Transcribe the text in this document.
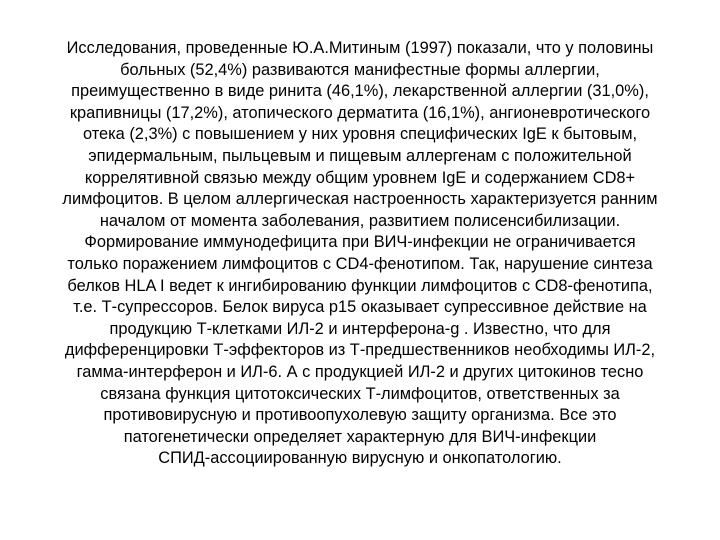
Исследования, проведенные Ю.А.Митиным (1997) показали, что у половины
больных (52,4%) развиваются манифестные формы аллергии,
преимущественно в виде ринита (46,1%), лекарственной аллергии (31,0%),
крапивницы (17,2%), атопического дерматита (16,1%), ангионевротического
отека (2,3%) с повышением у них уровня специфических IgE к бытовым,
эпидермальным, пыльцевым и пищевым аллергенам с положительной
коррелятивной связью между общим уровнем IgE и содержанием CD8+
лимфоцитов. В целом аллергическая настроенность характеризуется ранним
началом от момента заболевания, развитием полисенсибилизации.
Формирование иммунодефицита при ВИЧ-инфекции не ограничивается
только поражением лимфоцитов с CD4-фенотипом. Так, нарушение синтеза
белков HLA I ведет к ингибированию функции лимфоцитов с CD8-фенотипа,
т.е. Т-супрессоров. Белок вируса p15 оказывает супрессивное действие на
продукцию Т-клетками ИЛ-2 и интерферона-g . Известно, что для
дифференцировки Т-эффекторов из Т-предшественников необходимы ИЛ-2,
гамма-интерферон и ИЛ-6. А с продукцией ИЛ-2 и других цитокинов тесно
связана функция цитотоксических Т-лимфоцитов, ответственных за
противовирусную и противоопухолевую защиту организма. Все это
патогенетически определяет характерную для ВИЧ-инфекции
СПИД-ассоциированную вирусную и онкопатологию.
